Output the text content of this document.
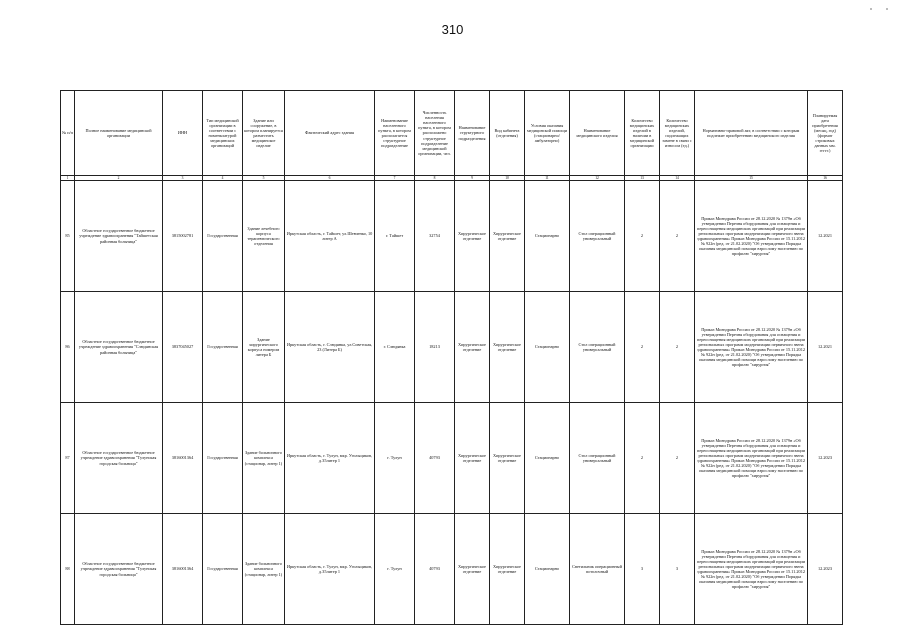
310
№ п/п	Полное наименование медицинской организации	ИНН	Тип медицинской организации в соответствии с номенклатурой медицинских организаций	Здание или сооружение, в котором планируется разместить медицинское изделие	Фактический адрес здания	Наименование населенного пункта, в котором располагается структурное подразделение	Численность населения населенного пункта, в котором расположено структурное подразделение медицинской организации, чел.	Наименование структурного подразделения	Вид кабинета (отделения)	Условия оказания медицинской помощи (стационарно/амбулаторно)	Наименование медицинского изделия	Количество медицинских изделий в наличии в медицинской организации	Количество медицинских изделий, подлежащих замене в связи с износом (ед.)	Нормативно-правовой акт, в соответствии с которым подлежит приобретению медицинского изделия	Планируемая дата приобретения (месяц, год) (формат строковых данных мм. ггггг.)
1	2	3	4	5	6	7	8	9	10	11	12	13	14	15	16
85	Областное государственное бюджетное учреждение здравоохранения "Тайшетская районная больница"	3815002781	Государственная	Здание лечебного корпуса терапевтического отделения	Иркутская область, г. Тайшет, ул.Шевченко, 10 литер А	г. Тайшет	32754	Хирургическое отделение	Хирургическое отделение	Стационарно	Стол операционный универсальный	2	2	Приказ Минздрава России от 28.12.2020 № 1379н «Об утверждении Перечня оборудования для оснащения и переоснащения медицинских организаций при реализации региональных программ модернизации первичного звена здравоохранения» Приказ Минздрава России от 15.11.2012 № 922н (ред. от 21.02.2020) "Об утверждении Порядка оказания медицинской помощи взрослому населению по профилю "хирургия"	12.2021
86	Областное государственное бюджетное учреждение здравоохранения "Слюдянская районная больница"	3837045027	Государственная	Здание хирургического корпуса номером литера Б	Иркутская область, г. Слюдянка, ул.Советская, 23 (Литера Б)	г. Слюдянка	18213	Хирургическое отделение	Хирургическое отделение	Стационарно	Стол операционный универсальный	2	2	Приказ Минздрава России от 28.12.2020 № 1379н «Об утверждении Перечня оборудования для оснащения и переоснащения медицинских организаций при реализации региональных программ модернизации первичного звена здравоохранения» Приказ Минздрава России от 15.11.2012 № 922н (ред. от 21.02.2020) "Об утверждении Порядка оказания медицинской помощи взрослому населению по профилю "хирургия"	12.2021
87	Областное государственное бюджетное учреждение здравоохранения "Тулунская городская больница"	3816001364	Государственная	Здание больничного комплекса (стационар, литер 1)	Иркутская область, г. Тулун, мкр. Угольщиков, д.35литер 1	г. Тулун	40793	Хирургическое отделение	Хирургическое отделение	Стационарно	Стол операционный универсальный	2	2	Приказ Минздрава России от 28.12.2020 № 1379н «Об утверждении Перечня оборудования для оснащения и переоснащения медицинских организаций при реализации региональных программ модернизации первичного звена здравоохранения» Приказ Минздрава России от 15.11.2012 № 922н (ред. от 21.02.2020) "Об утверждении Порядка оказания медицинской помощи взрослому населению по профилю "хирургия"	12.2023
88	Областное государственное бюджетное учреждение здравоохранения "Тулунская городская больница"	3816001364	Государственная	Здание больничного комплекса (стационар, литер 1)	Иркутская область, г. Тулун, мкр. Угольщиков, д.35литер 1	г. Тулун	40793	Хирургическое отделение	Хирургическое отделение	Стационарно	Светильник операционный потолочный	3	3	Приказ Минздрава России от 28.12.2020 № 1379н «Об утверждении Перечня оборудования для оснащения и переоснащения медицинских организаций при реализации региональных программ модернизации первичного звена здравоохранения» Приказ Минздрава России от 15.11.2012 № 922н (ред. от 21.02.2020) "Об утверждении Порядка оказания медицинской помощи взрослому населению по профилю "хирургия"	12.2023
